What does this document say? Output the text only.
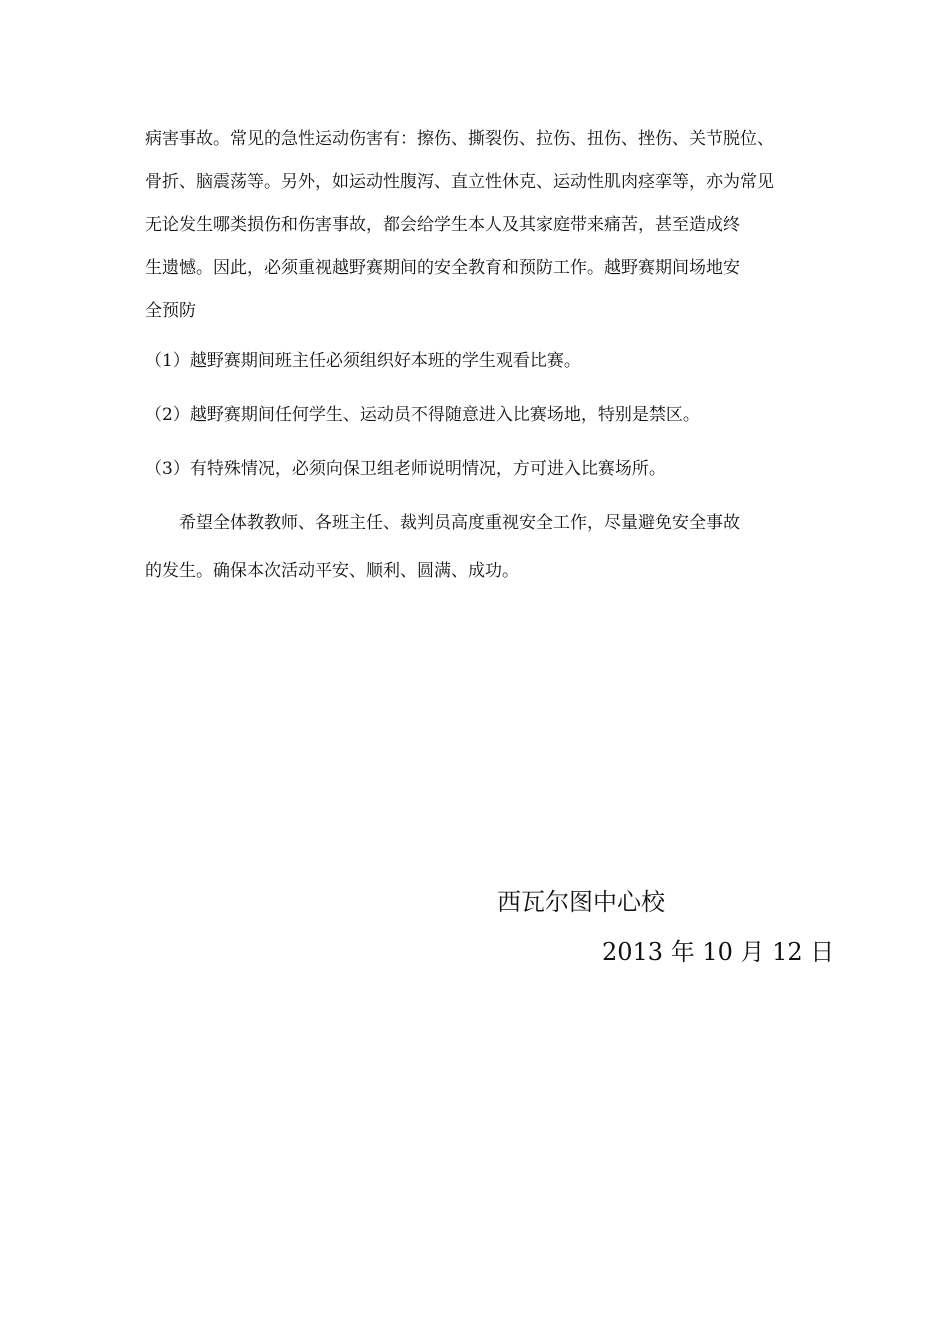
病害事故。常见的急性运动伤害有：擦伤、撕裂伤、拉伤、扭伤、挫伤、关节脱位、
骨折、脑震荡等。另外，如运动性腹泻、直立性休克、运动性肌肉痉挛等，亦为常见
无论发生哪类损伤和伤害事故，都会给学生本人及其家庭带来痛苦，甚至造成终
生遗憾。因此，必须重视越野赛期间的安全教育和预防工作。越野赛期间场地安
全预防

（1）越野赛期间班主任必须组织好本班的学生观看比赛。

（2）越野赛期间任何学生、运动员不得随意进入比赛场地，特别是禁区。

（3）有特殊情况，必须向保卫组老师说明情况，方可进入比赛场所。

　　希望全体教教师、各班主任、裁判员高度重视安全工作，尽量避免安全事故
的发生。确保本次活动平安、顺利、圆满、成功。
西瓦尔图中心校
2013 年 10 月 12 日
